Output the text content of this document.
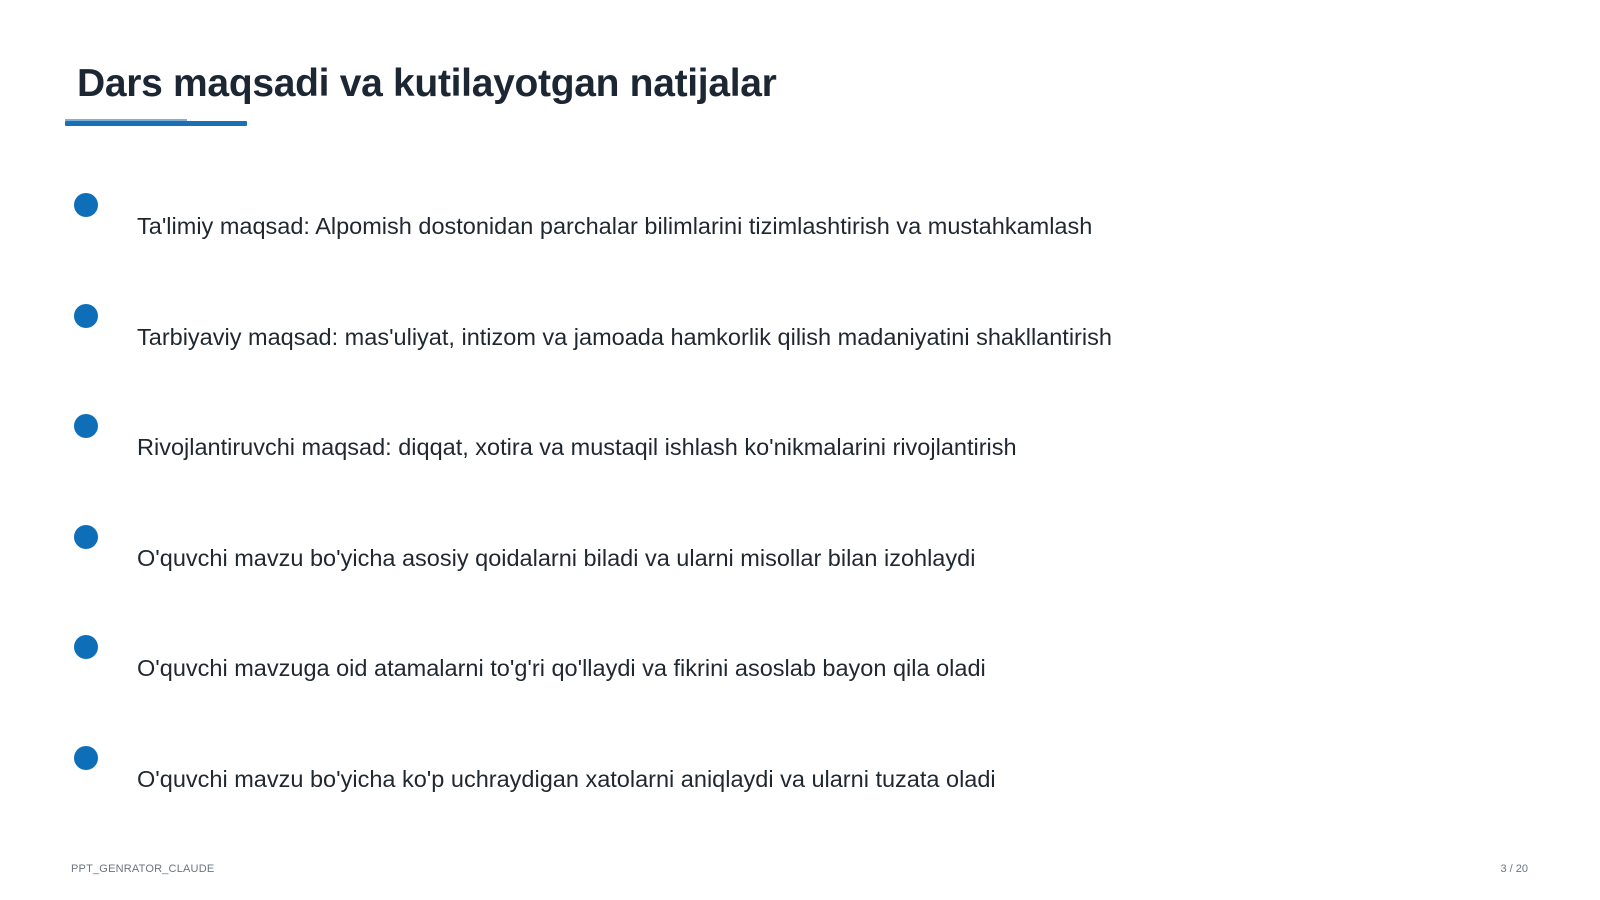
Dars maqsadi va kutilayotgan natijalar
Ta'limiy maqsad: Alpomish dostonidan parchalar bilimlarini tizimlashtirish va mustahkamlash
Tarbiyaviy maqsad: mas'uliyat, intizom va jamoada hamkorlik qilish madaniyatini shakllantirish
Rivojlantiruvchi maqsad: diqqat, xotira va mustaqil ishlash ko'nikmalarini rivojlantirish
O'quvchi mavzu bo'yicha asosiy qoidalarni biladi va ularni misollar bilan izohlaydi
O'quvchi mavzuga oid atamalarni to'g'ri qo'llaydi va fikrini asoslab bayon qila oladi
O'quvchi mavzu bo'yicha ko'p uchraydigan xatolarni aniqlaydi va ularni tuzata oladi
PPT_GENRATOR_CLAUDE	3 / 20
